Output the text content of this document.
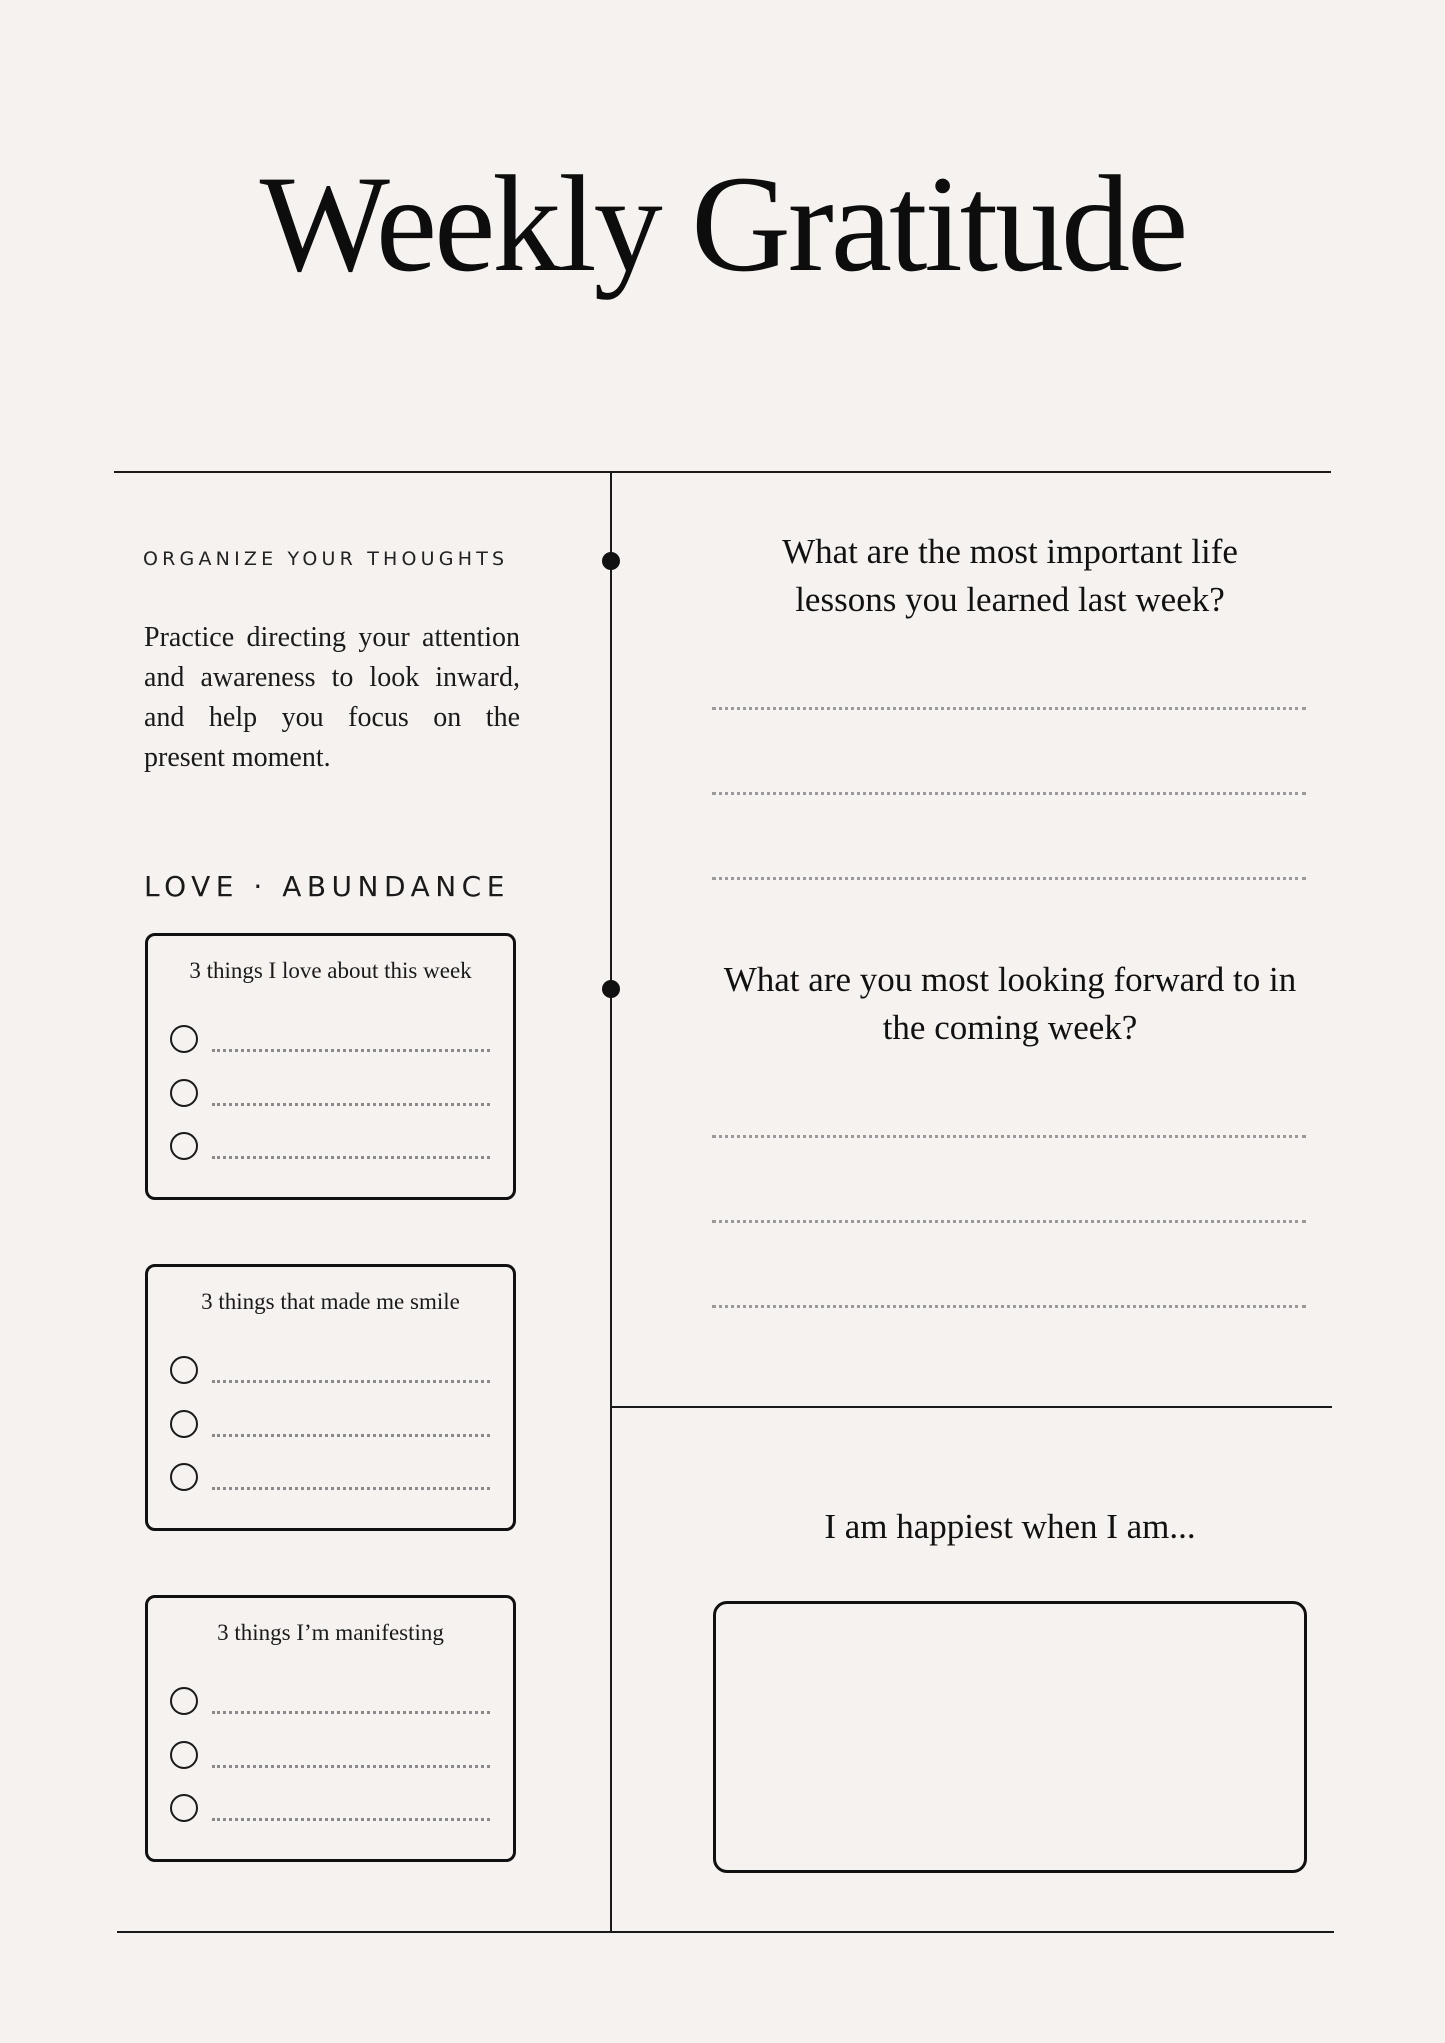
Weekly Gratitude
ORGANIZE YOUR THOUGHTS
Practice directing your attention and awareness to look inward, and help you focus on the present moment.
LOVE · ABUNDANCE
3 things I love about this week
3 things that made me smile
3 things I’m manifesting
What are the most important life lessons you learned last week?
What are you most looking forward to in the coming week?
I am happiest when I am...
